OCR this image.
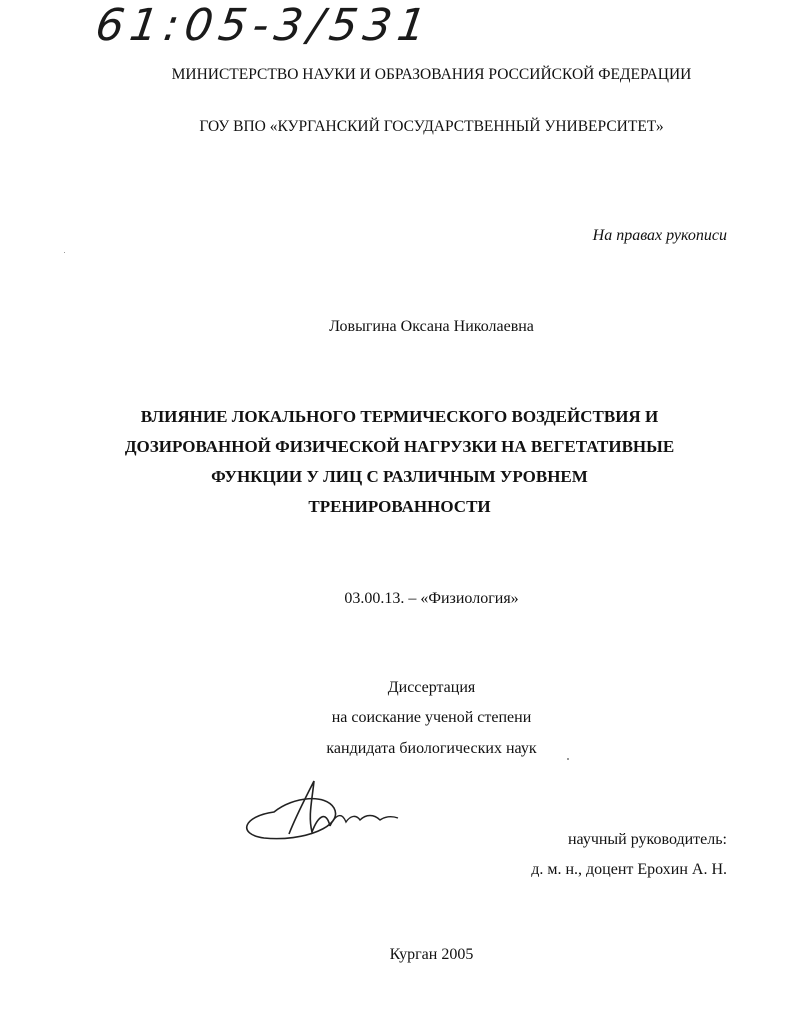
61:05-3/531
МИНИСТЕРСТВО НАУКИ И ОБРАЗОВАНИЯ РОССИЙСКОЙ ФЕДЕРАЦИИ
ГОУ ВПО «КУРГАНСКИЙ ГОСУДАРСТВЕННЫЙ УНИВЕРСИТЕТ»
На правах рукописи
Ловыгина Оксана Николаевна
ВЛИЯНИЕ ЛОКАЛЬНОГО ТЕРМИЧЕСКОГО ВОЗДЕЙСТВИЯ И
ДОЗИРОВАННОЙ ФИЗИЧЕСКОЙ НАГРУЗКИ НА ВЕГЕТАТИВНЫЕ
ФУНКЦИИ У ЛИЦ С РАЗЛИЧНЫМ УРОВНЕМ
ТРЕНИРОВАННОСТИ
03.00.13. – «Физиология»
Диссертация
на соискание ученой степени
кандидата биологических наук
научный руководитель:
д. м. н., доцент Ерохин А. Н.
Курган 2005
